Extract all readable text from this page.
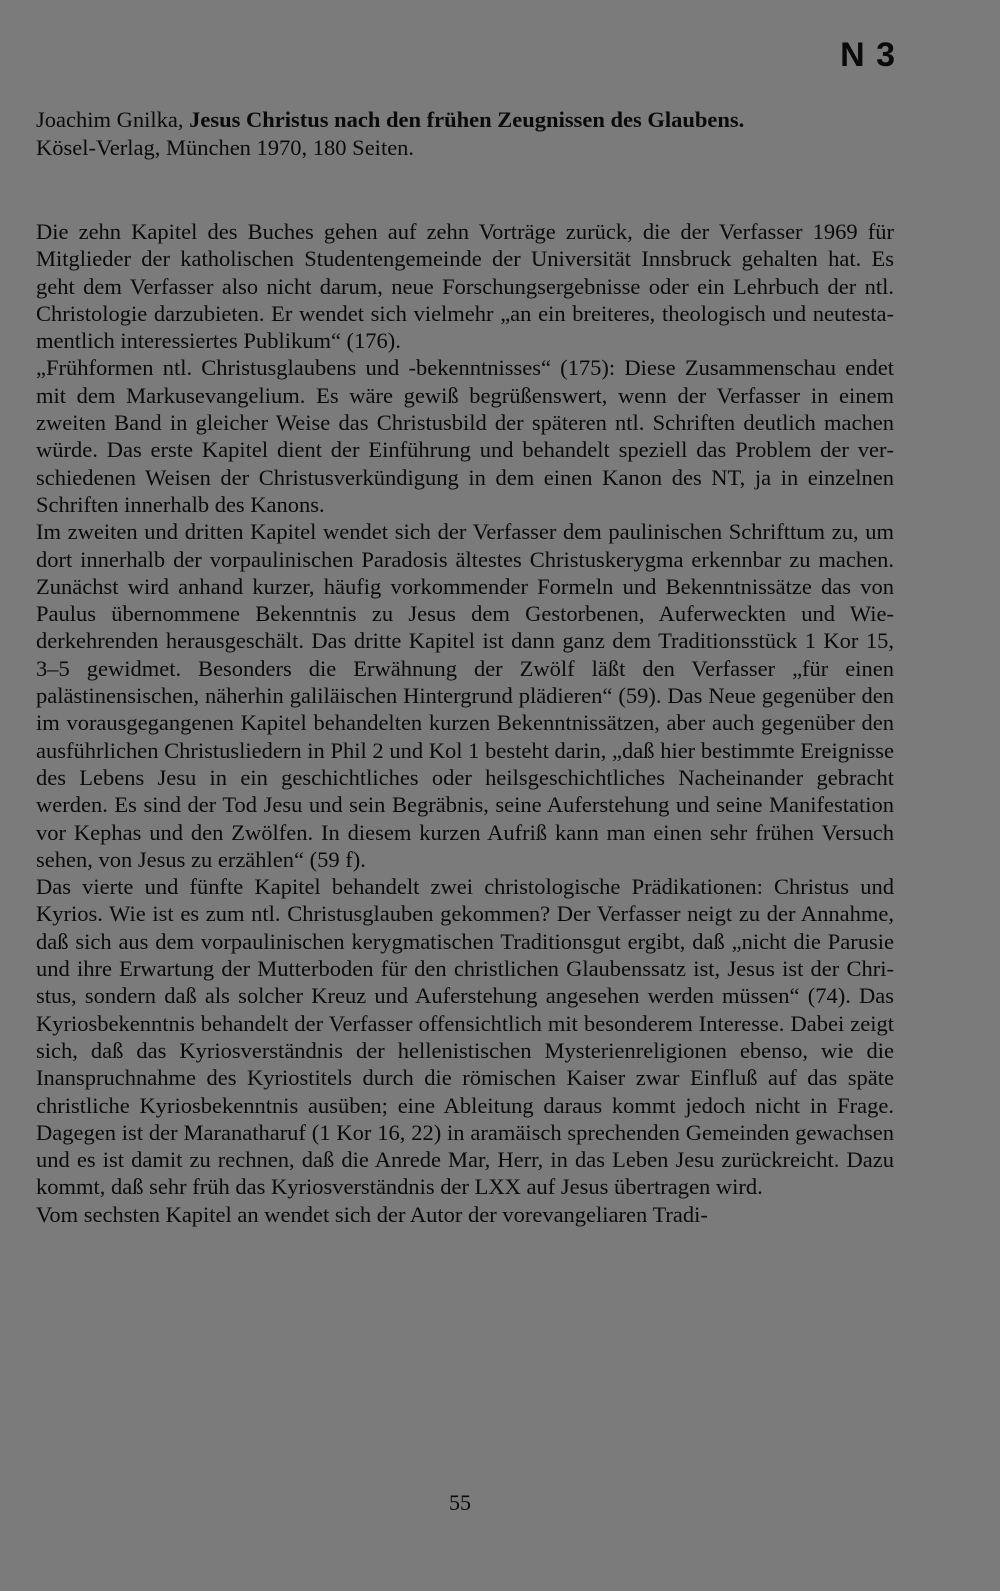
N 3
Joachim Gnilka, Jesus Christus nach den frühen Zeugnissen des Glaubens.
Kösel-Verlag, München 1970, 180 Seiten.

Die zehn Kapitel des Buches gehen auf zehn Vorträge zurück, die der Verfasser 1969 für Mitglieder der katholischen Studentengemeinde der Universität Innsbruck gehalten hat. Es geht dem Verfasser also nicht darum, neue Forschungsergebnisse oder ein Lehrbuch der ntl. Christologie darzubieten. Er wendet sich vielmehr „an ein breiteres, theologisch und neutestamentlich interessiertes Publikum“ (176).

„Frühformen ntl. Christusglaubens und -bekenntnisses“ (175): Diese Zusammenschau endet mit dem Markusevangelium. Es wäre gewiß begrüßenswert, wenn der Verfasser in einem zweiten Band in gleicher Weise das Christusbild der späteren ntl. Schriften deutlich machen würde. Das erste Kapitel dient der Einführung und behandelt speziell das Problem der verschiedenen Weisen der Christusverkündigung in dem einen Kanon des NT, ja in einzelnen Schriften innerhalb des Kanons.

Im zweiten und dritten Kapitel wendet sich der Verfasser dem paulinischen Schrifttum zu, um dort innerhalb der vorpaulinischen Paradosis ältestes Christuskerygma erkennbar zu machen. Zunächst wird anhand kurzer, häufig vorkommender Formeln und Bekenntnissätze das von Paulus übernommene Bekenntnis zu Jesus dem Gestorbenen, Auferweckten und Wiederkehrenden herausgeschält. Das dritte Kapitel ist dann ganz dem Traditionsstück 1 Kor 15, 3–5 gewidmet. Besonders die Erwähnung der Zwölf läßt den Verfasser „für einen palästinensischen, näherhin galiläischen Hintergrund plädieren“ (59). Das Neue gegenüber den im vorausgegangenen Kapitel behandelten kurzen Bekenntnissätzen, aber auch gegenüber den ausführlichen Christusliedern in Phil 2 und Kol 1 besteht darin, „daß hier bestimmte Ereignisse des Lebens Jesu in ein geschichtliches oder heilsgeschichtliches Nacheinander gebracht werden. Es sind der Tod Jesu und sein Begräbnis, seine Auferstehung und seine Manifestation vor Kephas und den Zwölfen. In diesem kurzen Aufriß kann man einen sehr frühen Versuch sehen, von Jesus zu erzählen“ (59 f).

Das vierte und fünfte Kapitel behandelt zwei christologische Prädikationen: Christus und Kyrios. Wie ist es zum ntl. Christusglauben gekommen? Der Verfasser neigt zu der Annahme, daß sich aus dem vorpaulinischen kerygmatischen Traditionsgut ergibt, daß „nicht die Parusie und ihre Erwartung der Mutterboden für den christlichen Glaubenssatz ist, Jesus ist der Christus, sondern daß als solcher Kreuz und Auferstehung angesehen werden müssen“ (74). Das Kyriosbekenntnis behandelt der Verfasser offensichtlich mit besonderem Interesse. Dabei zeigt sich, daß das Kyriosverständnis der hellenistischen Mysterienreligionen ebenso, wie die Inanspruchnahme des Kyriostitels durch die römischen Kaiser zwar Einfluß auf das späte christliche Kyriosbekenntnis ausüben; eine Ableitung daraus kommt jedoch nicht in Frage. Dagegen ist der Maranatharuf (1 Kor 16, 22) in aramäisch sprechenden Gemeinden gewachsen und es ist damit zu rechnen, daß die Anrede Mar, Herr, in das Leben Jesu zurückreicht. Dazu kommt, daß sehr früh das Kyriosverständnis der LXX auf Jesus übertragen wird.

Vom sechsten Kapitel an wendet sich der Autor der vorevangeliaren Tradi-

55
